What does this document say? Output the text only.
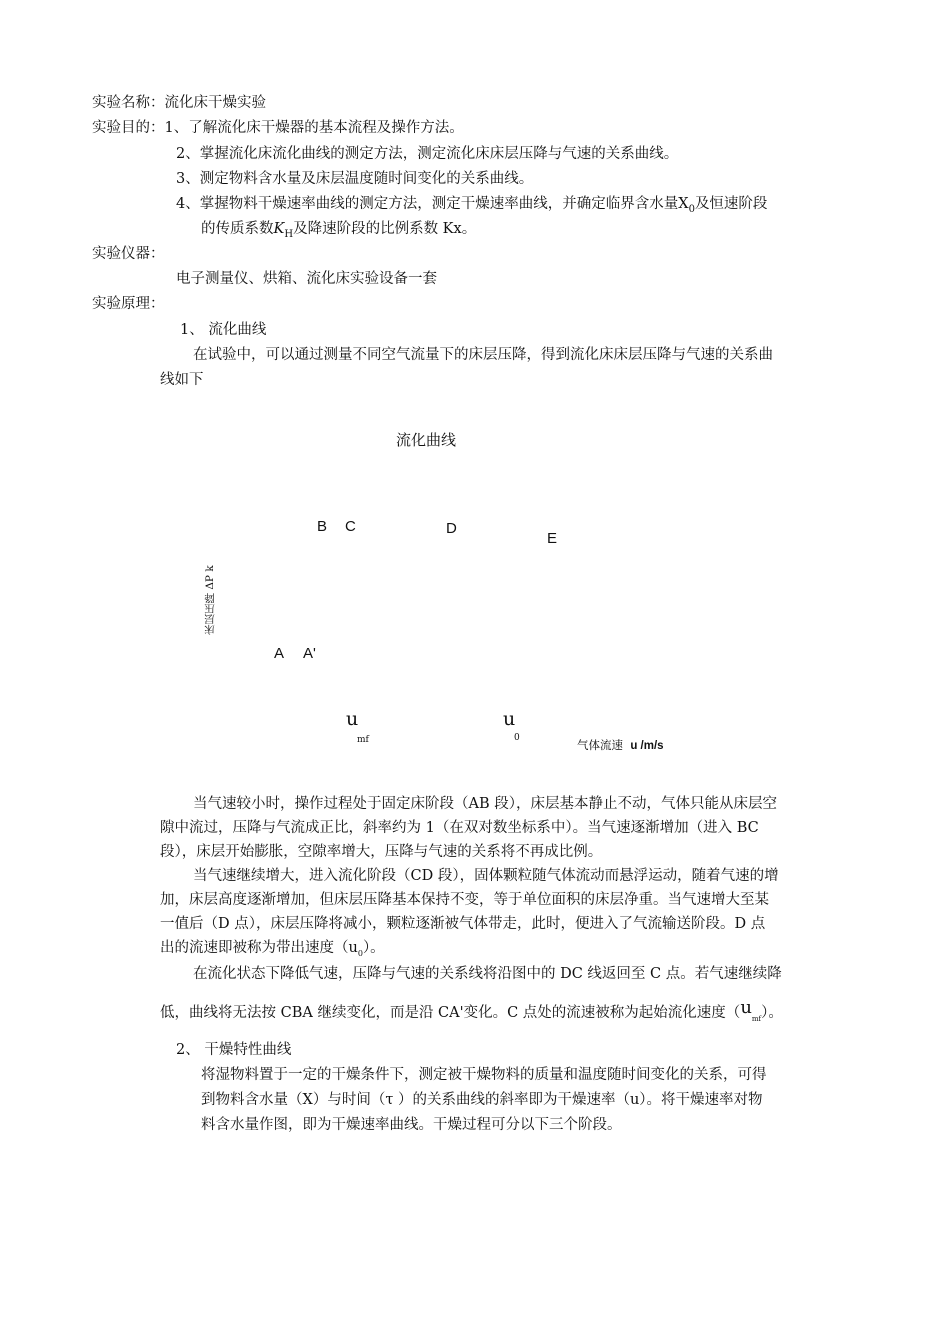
实验名称：流化床干燥实验
实验目的：1、了解流化床干燥器的基本流程及操作方法。
2、掌握流化床流化曲线的测定方法，测定流化床床层压降与气速的关系曲线。
3、测定物料含水量及床层温度随时间变化的关系曲线。
4、掌握物料干燥速率曲线的测定方法，测定干燥速率曲线，并确定临界含水量$X_0$及恒速阶段
的传质系数$K_H$及降速阶段的比例系数 Kx。
实验仪器：
电子测量仪、烘箱、流化床实验设备一套
实验原理：
1、 流化曲线
在试验中，可以通过测量不同空气流量下的床层压降，得到流化床床层压降与气速的关系曲
线如下
流化曲线
B C	D
E
床层压降 ΔP k
A A'
u
mf
u
0	气体流速 u /m/s
当气速较小时，操作过程处于固定床阶段（AB 段），床层基本静止不动，气体只能从床层空
隙中流过，压降与气流成正比，斜率约为 1（在双对数坐标系中）。当气速逐渐增加（进入 BC
段），床层开始膨胀，空隙率增大，压降与气速的关系将不再成比例。
当气速继续增大，进入流化阶段（CD 段），固体颗粒随气体流动而悬浮运动，随着气速的增
加，床层高度逐渐增加，但床层压降基本保持不变，等于单位面积的床层净重。当气速增大至某
一值后（D 点），床层压降将减小，颗粒逐渐被气体带走，此时，便进入了气流输送阶段。D 点
出的流速即被称为带出速度$(u_0)$。
在流化状态下降低气速，压降与气速的关系线将沿图中的 DC 线返回至 C 点。若气速继续降
低，曲线将无法按 CBA 继续变化，而是沿 CA'变化。C 点处的流速被称为起始流化速度$(u_{mf})$。
2、 干燥特性曲线
将湿物料置于一定的干燥条件下，测定被干燥物料的质量和温度随时间变化的关系，可得
到物料含水量（X）与时间（τ ）的关系曲线的斜率即为干燥速率（u）。将干燥速率对物
料含水量作图，即为干燥速率曲线。干燥过程可分以下三个阶段。
